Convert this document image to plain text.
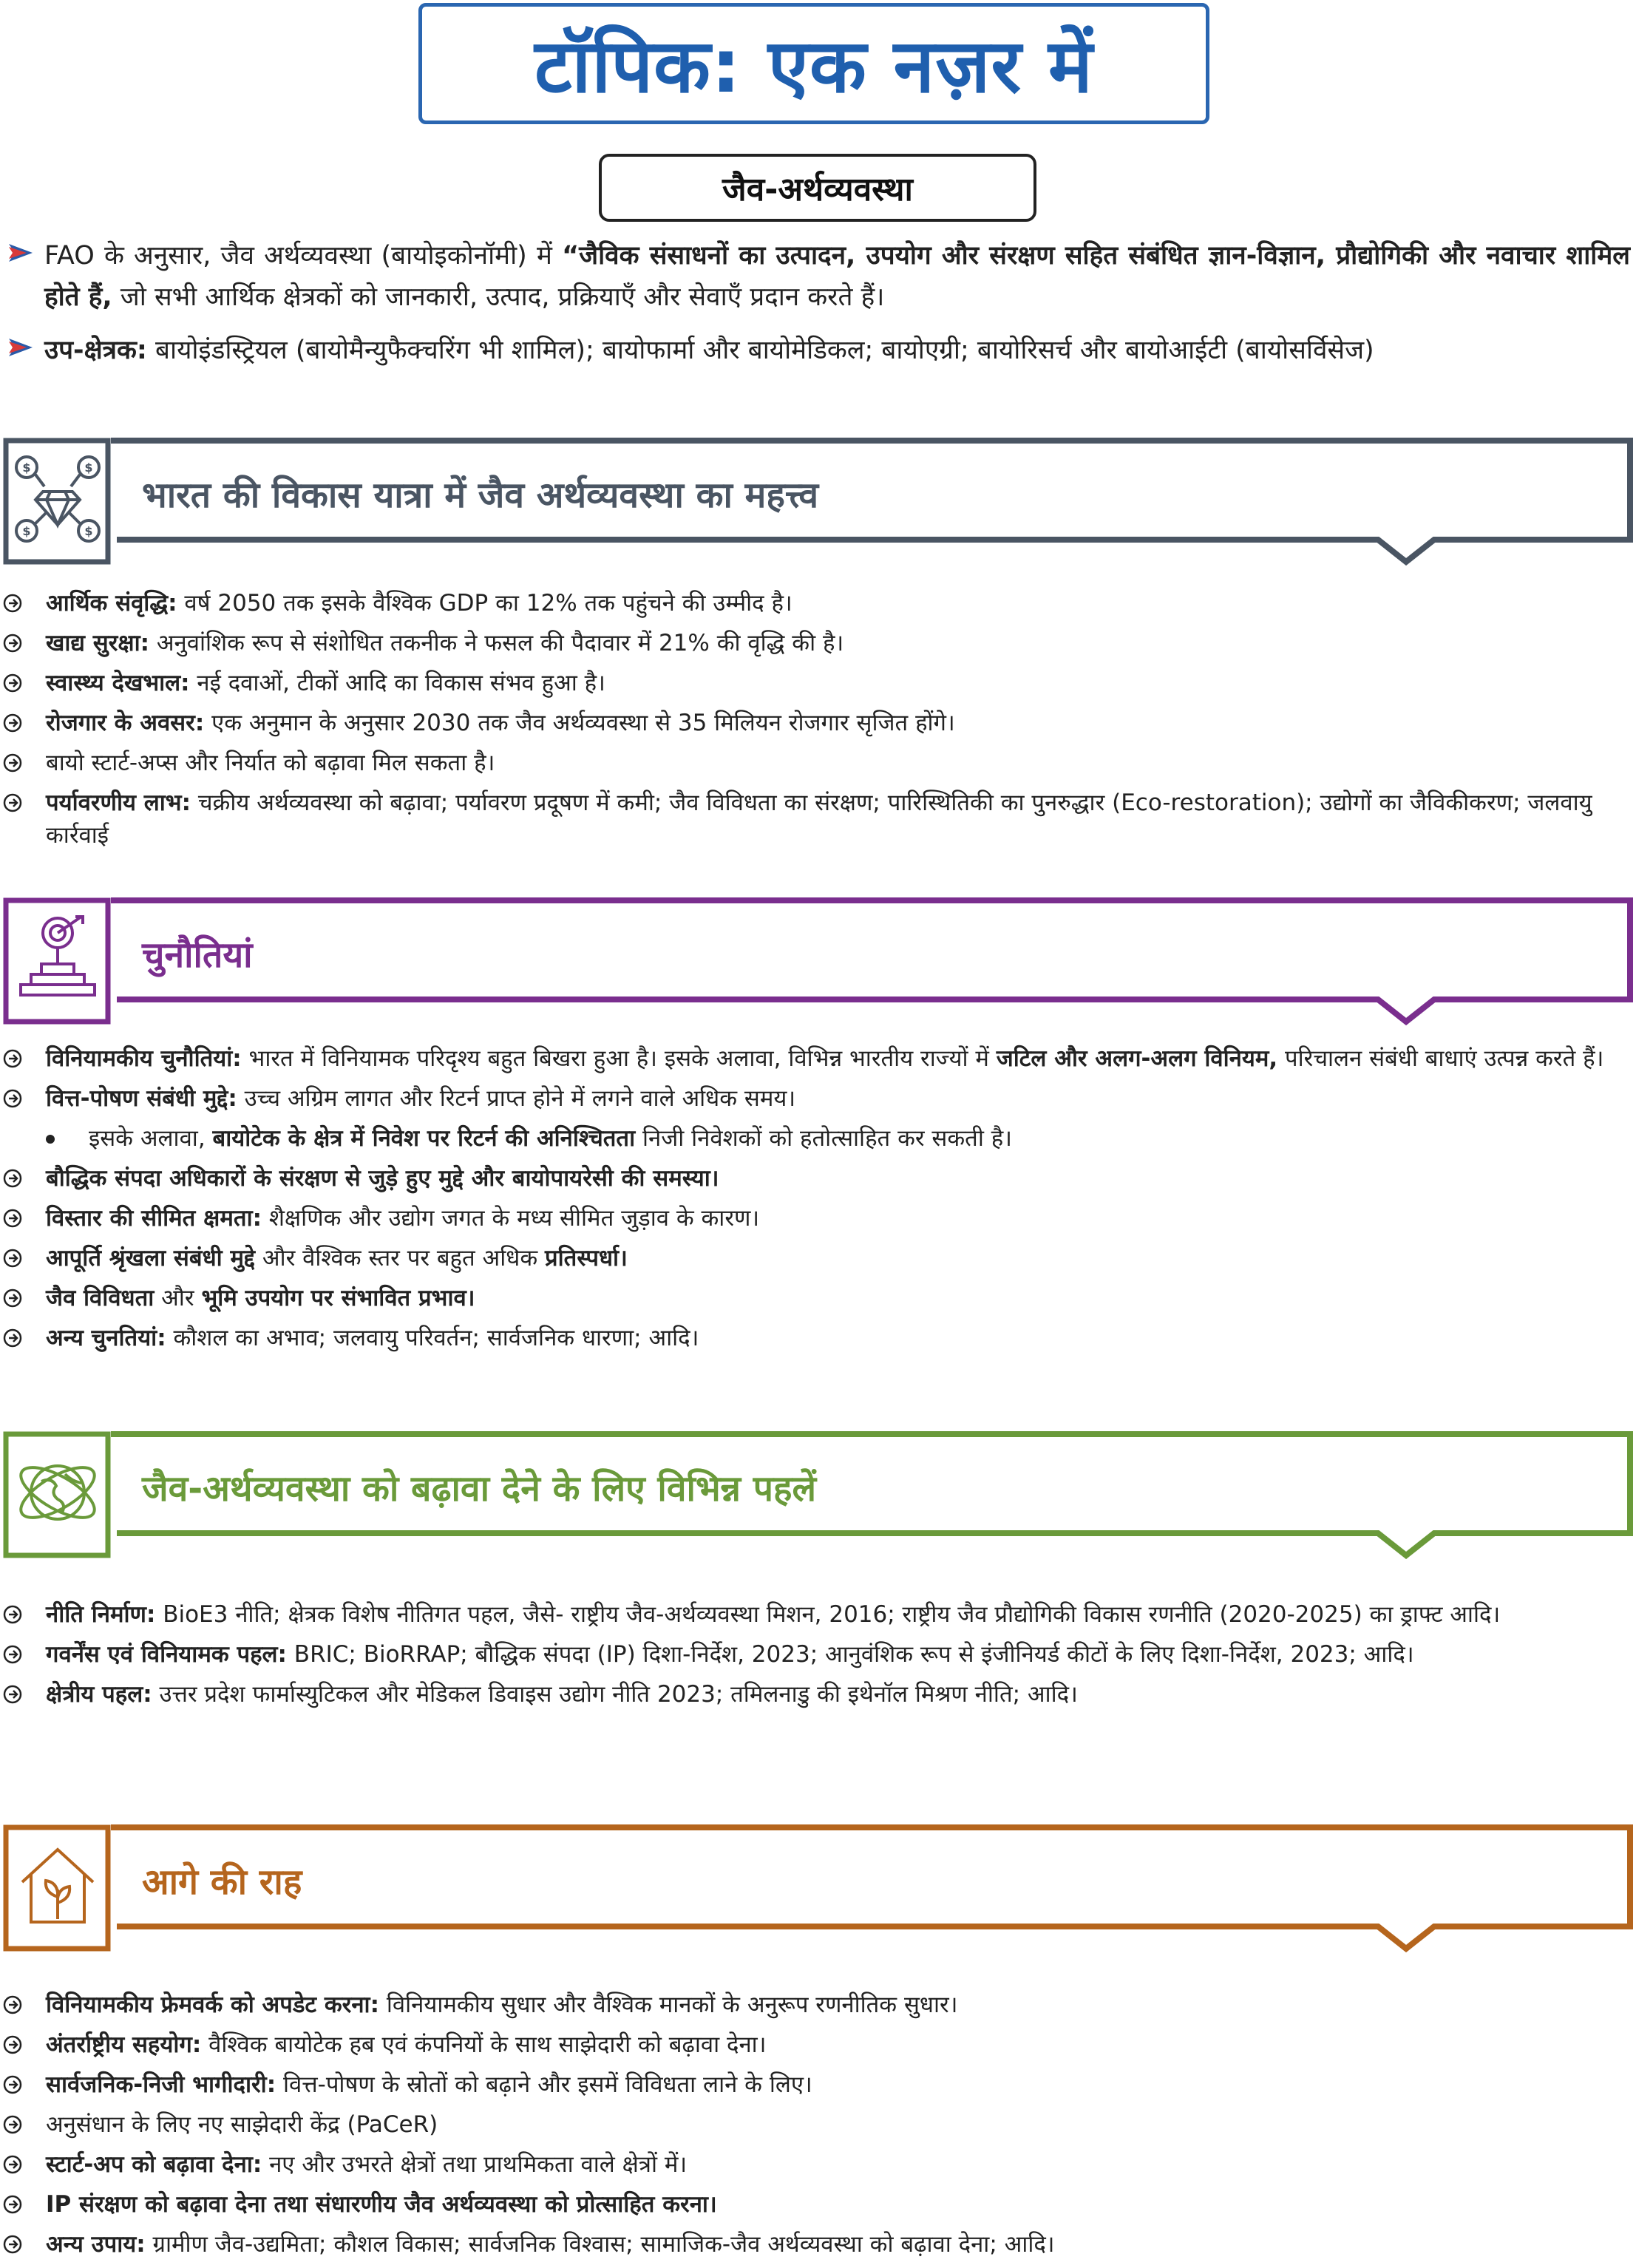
टॉपिक: एक नज़र में
जैव-अर्थव्यवस्था
FAO के अनुसार, जैव अर्थव्यवस्था (बायोइकोनॉमी) में “जैविक संसाधनों का उत्पादन, उपयोग और संरक्षण सहित संबंधित ज्ञान-विज्ञान, प्रौद्योगिकी और नवाचार शामिल होते हैं, जो सभी आर्थिक क्षेत्रकों को जानकारी, उत्पाद, प्रक्रियाएँ और सेवाएँ प्रदान करते हैं।
उप-क्षेत्रक: बायोइंडस्ट्रियल (बायोमैन्युफैक्चरिंग भी शामिल); बायोफार्मा और बायोमेडिकल; बायोएग्री; बायोरिसर्च और बायोआईटी (बायोसर्विसेज)
$	$
$	$
भारत की विकास यात्रा में जैव अर्थव्यवस्था का महत्त्व
आर्थिक संवृद्धि: वर्ष 2050 तक इसके वैश्विक GDP का 12% तक पहुंचने की उम्मीद है।
खाद्य सुरक्षा: अनुवांशिक रूप से संशोधित तकनीक ने फसल की पैदावार में 21% की वृद्धि की है।
स्वास्थ्य देखभाल: नई दवाओं, टीकों आदि का विकास संभव हुआ है।
रोजगार के अवसर: एक अनुमान के अनुसार 2030 तक जैव अर्थव्यवस्था से 35 मिलियन रोजगार सृजित होंगे।
बायो स्टार्ट-अप्स और निर्यात को बढ़ावा मिल सकता है।
पर्यावरणीय लाभ: चक्रीय अर्थव्यवस्था को बढ़ावा; पर्यावरण प्रदूषण में कमी; जैव विविधता का संरक्षण; पारिस्थितिकी का पुनरुद्धार (Eco-restoration); उद्योगों का जैविकीकरण; जलवायु कार्रवाई
चुनौतियां
विनियामकीय चुनौतियां: भारत में विनियामक परिदृश्य बहुत बिखरा हुआ है। इसके अलावा, विभिन्न भारतीय राज्यों में जटिल और अलग-अलग विनियम, परिचालन संबंधी बाधाएं उत्पन्न करते हैं।
वित्त-पोषण संबंधी मुद्दे: उच्च अग्रिम लागत और रिटर्न प्राप्त होने में लगने वाले अधिक समय।
इसके अलावा, बायोटेक के क्षेत्र में निवेश पर रिटर्न की अनिश्चितता निजी निवेशकों को हतोत्साहित कर सकती है।
बौद्धिक संपदा अधिकारों के संरक्षण से जुड़े हुए मुद्दे और बायोपायरेसी की समस्या।
विस्तार की सीमित क्षमता: शैक्षणिक और उद्योग जगत के मध्य सीमित जुड़ाव के कारण।
आपूर्ति श्रृंखला संबंधी मुद्दे और वैश्विक स्तर पर बहुत अधिक प्रतिस्पर्धा।
जैव विविधता और भूमि उपयोग पर संभावित प्रभाव।
अन्य चुनतियां: कौशल का अभाव; जलवायु परिवर्तन; सार्वजनिक धारणा; आदि।
जैव-अर्थव्यवस्था को बढ़ावा देने के लिए विभिन्न पहलें
नीति निर्माण: BioE3 नीति; क्षेत्रक विशेष नीतिगत पहल, जैसे- राष्ट्रीय जैव-अर्थव्यवस्था मिशन, 2016; राष्ट्रीय जैव प्रौद्योगिकी विकास रणनीति (2020-2025) का ड्राफ्ट आदि।
गवर्नेंस एवं विनियामक पहल: BRIC; BioRRAP; बौद्धिक संपदा (IP) दिशा-निर्देश, 2023; आनुवंशिक रूप से इंजीनियर्ड कीटों के लिए दिशा-निर्देश, 2023; आदि।
क्षेत्रीय पहल: उत्तर प्रदेश फार्मास्युटिकल और मेडिकल डिवाइस उद्योग नीति 2023; तमिलनाडु की इथेनॉल मिश्रण नीति; आदि।
आगे की राह
विनियामकीय फ्रेमवर्क को अपडेट करना: विनियामकीय सुधार और वैश्विक मानकों के अनुरूप रणनीतिक सुधार।
अंतर्राष्ट्रीय सहयोग: वैश्विक बायोटेक हब एवं कंपनियों के साथ साझेदारी को बढ़ावा देना।
सार्वजनिक-निजी भागीदारी: वित्त-पोषण के स्रोतों को बढ़ाने और इसमें विविधता लाने के लिए।
अनुसंधान के लिए नए साझेदारी केंद्र (PaCeR)
स्टार्ट-अप को बढ़ावा देना: नए और उभरते क्षेत्रों तथा प्राथमिकता वाले क्षेत्रों में।
IP संरक्षण को बढ़ावा देना तथा संधारणीय जैव अर्थव्यवस्था को प्रोत्साहित करना।
अन्य उपाय: ग्रामीण जैव-उद्यमिता; कौशल विकास; सार्वजनिक विश्वास; सामाजिक-जैव अर्थव्यवस्था को बढ़ावा देना; आदि।
